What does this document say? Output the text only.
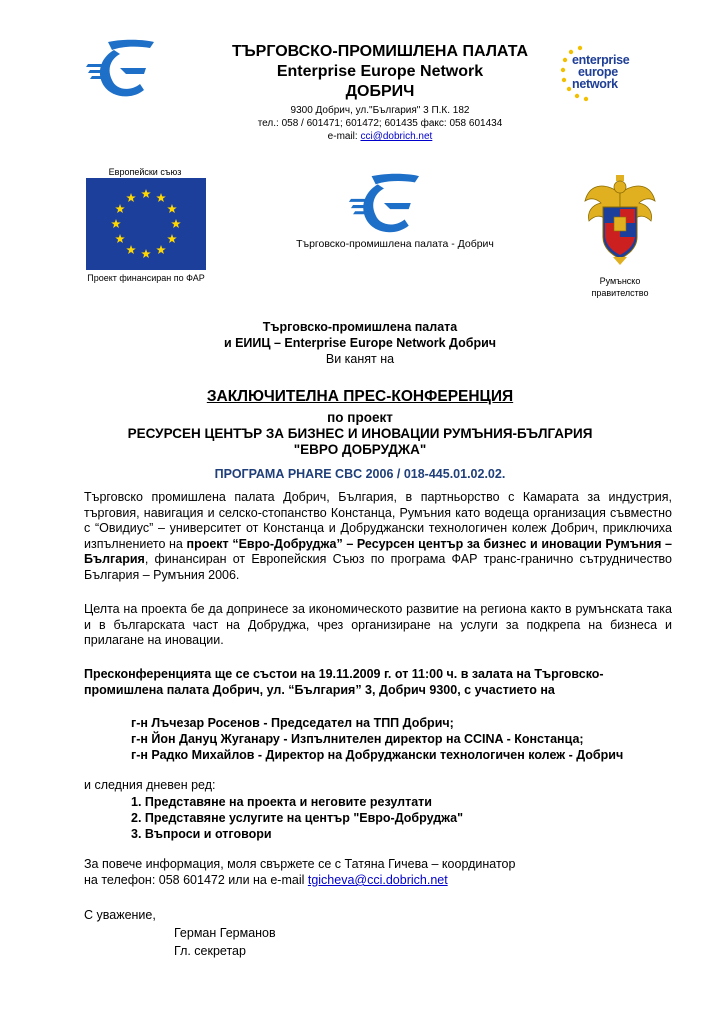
ТЪРГОВСКО-ПРОМИШЛЕНА ПАЛАТА
Enterprise Europe Network
ДОБРИЧ
9300 Добрич, ул."България" 3 П.К. 182
тел.: 058 / 601471; 601472; 601435 факс: 058 601434
e-mail: cci@dobrich.net
enterprise
europe
network
Европейски съюз
Проект финансиран по ФАР
Търговско-промишлена палата - Добрич
Румънско правителство
Търговско-промишлена палата
и ЕИИЦ – Enterprise Europe Network Добрич
Ви канят на
ЗАКЛЮЧИТЕЛНА ПРЕС-КОНФЕРЕНЦИЯ
по проект
РЕСУРСЕН ЦЕНТЪР ЗА БИЗНЕС И ИНОВАЦИИ РУМЪНИЯ-БЪЛГАРИЯ
"ЕВРО ДОБРУДЖА"
ПРОГРАМА PHARE CBC 2006 / 018-445.01.02.02.
Търговско промишлена палата Добрич, България, в партньорство с Камарата за индустрия, търговия, навигация и селско-стопанство Констанца, Румъния като водеща организация съвместно с “Овидиус” – университет от Констанца и Добруджански технологичен колеж Добрич, приключиха изпълнението на проект “Евро-Добруджа” – Ресурсен център за бизнес и иновации Румъния – България, финансиран от Европейския Съюз по програма ФАР транс-гранично сътрудничество България – Румъния 2006.
Целта на проекта бе да допринесе за икономическото развитие на региона както в румънската така и в българската част на Добруджа, чрез организиране на услуги за подкрепа на бизнеса и прилагане на иновации.
Пресконференцията ще се състои на 19.11.2009 г. от 11:00 ч. в залата на Търговско-промишлена палата Добрич, ул. “България” 3, Добрич 9300, с участието на
г-н Лъчезар Росенов - Председател на ТПП Добрич;
г-н Йон Дануц Жуганару - Изпълнителен директор на CCINA - Констанца;
г-н Радко Михайлов - Директор на Добруджански технологичен колеж - Добрич
и следния дневен ред:
1. Представяне на проекта и неговите резултати
2. Представяне услугите на център "Евро-Добруджа"
3. Въпроси и отговори
За повече информация, моля свържете се с Татяна Гичева – координатор
на телефон: 058 601472 или на e-mail tgicheva@cci.dobrich.net
С уважение,
Герман Германов
Гл. секретар
